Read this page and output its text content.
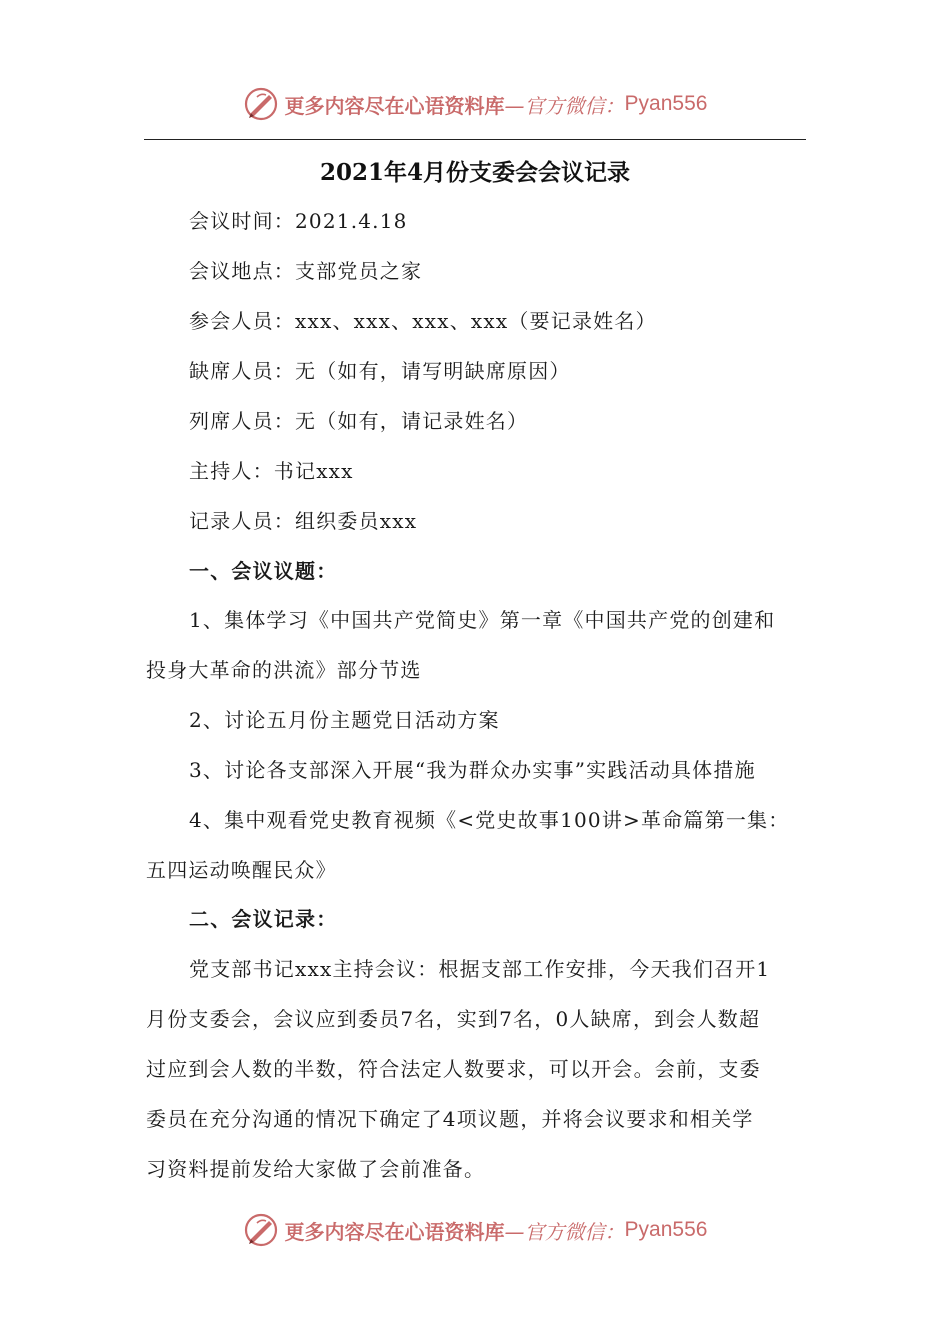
更多内容尽在心语资料库 —官方微信： Pyan556
2021年4月份支委会会议记录
会议时间：2021.4.18
会议地点：支部党员之家
参会人员：xxx、xxx、xxx、xxx（要记录姓名）
缺席人员：无（如有，请写明缺席原因）
列席人员：无（如有，请记录姓名）
主持人：书记xxx
记录人员：组织委员xxx
一、会议议题：
1、集体学习《中国共产党简史》第一章《中国共产党的创建和
投身大革命的洪流》部分节选
2、讨论五月份主题党日活动方案
3、讨论各支部深入开展“我为群众办实事”实践活动具体措施
4、集中观看党史教育视频《<党史故事100讲>革命篇第一集：
五四运动唤醒民众》
二、会议记录：
党支部书记xxx主持会议：根据支部工作安排，今天我们召开1
月份支委会，会议应到委员7名，实到7名，0人缺席，到会人数超
过应到会人数的半数，符合法定人数要求，可以开会。会前，支委
委员在充分沟通的情况下确定了4项议题，并将会议要求和相关学
习资料提前发给大家做了会前准备。
更多内容尽在心语资料库 —官方微信： Pyan556
